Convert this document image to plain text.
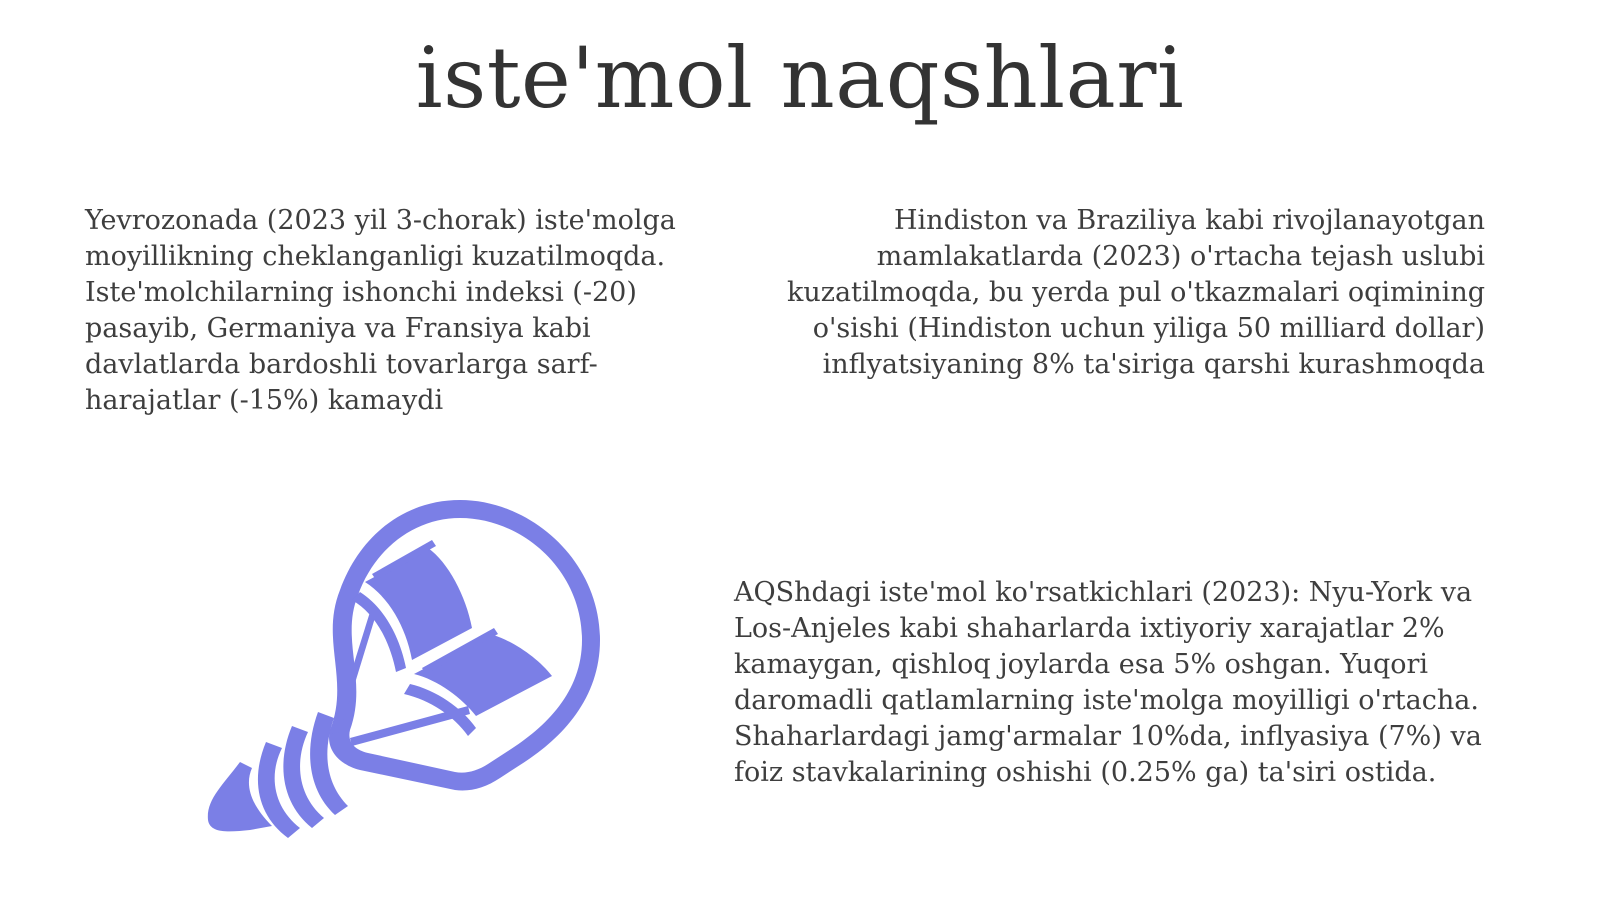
iste'mol naqshlari

Yevrozonada (2023 yil 3-chorak) iste'molga moyillikning cheklanganligi kuzatilmoqda. Iste'molchilarning ishonchi indeksi (-20) pasayib, Germaniya va Fransiya kabi davlatlarda bardoshli tovarlarga sarf-harajatlar (-15%) kamaydi

Hindiston va Braziliya kabi rivojlanayotgan mamlakatlarda (2023) o'rtacha tejash uslubi kuzatilmoqda, bu yerda pul o'tkazmalari oqimining o'sishi (Hindiston uchun yiliga 50 milliard dollar) inflyatsiyaning 8% ta'siriga qarshi kurashmoqda

AQShdagi iste'mol ko'rsatkichlari (2023): Nyu-York va Los-Anjeles kabi shaharlarda ixtiyoriy xarajatlar 2% kamaygan, qishloq joylarda esa 5% oshgan. Yuqori daromadli qatlamlarning iste'molga moyilligi o'rtacha. Shaharlardagi jamg'armalar 10%da, inflyasiya (7%) va foiz stavkalarining oshishi (0.25% ga) ta'siri ostida.
